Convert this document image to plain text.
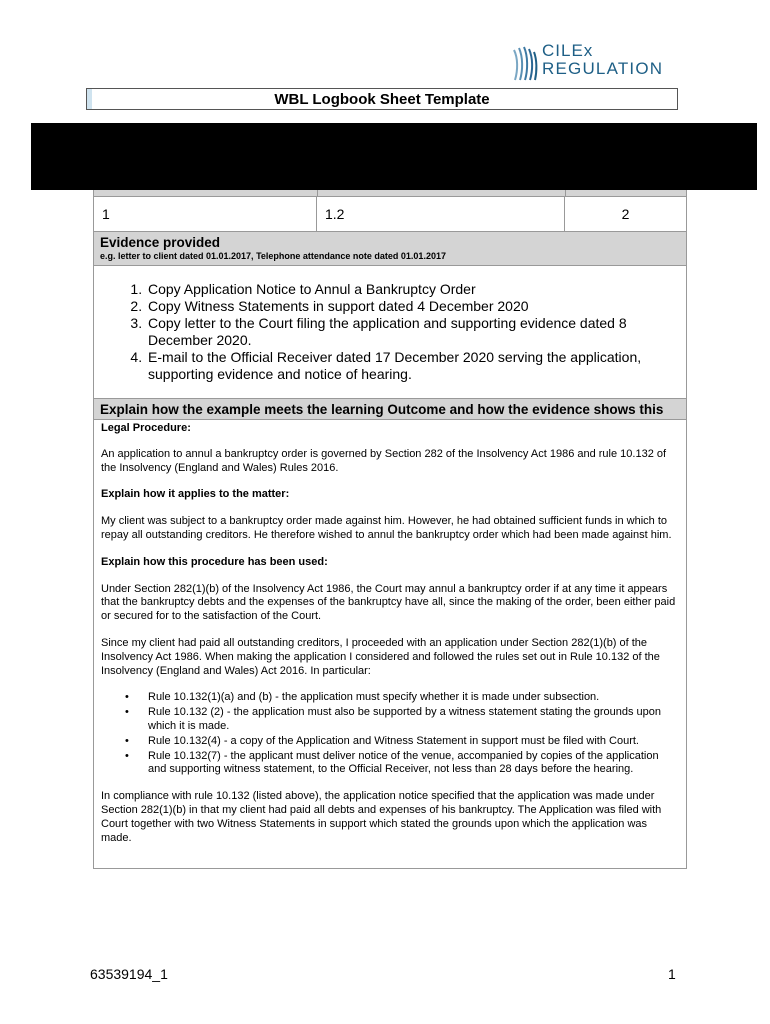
CILEx
REGULATION
WBL Logbook Sheet Template
1	1.2	2
Evidence provided
e.g. letter to client dated 01.01.2017, Telephone attendance note dated 01.01.2017
1. Copy Application Notice to Annul a Bankruptcy Order
2. Copy Witness Statements in support dated 4 December 2020
3. Copy letter to the Court filing the application and supporting evidence dated 8 December 2020.
4. E-mail to the Official Receiver dated 17 December 2020 serving the application, supporting evidence and notice of hearing.
Explain how the example meets the learning Outcome and how the evidence shows this
Legal Procedure:

An application to annul a bankruptcy order is governed by Section 282 of the Insolvency Act 1986 and rule 10.132 of the Insolvency (England and Wales) Rules 2016.

Explain how it applies to the matter:

My client was subject to a bankruptcy order made against him. However, he had obtained sufficient funds in which to repay all outstanding creditors. He therefore wished to annul the bankruptcy order which had been made against him.

Explain how this procedure has been used:

Under Section 282(1)(b) of the Insolvency Act 1986, the Court may annul a bankruptcy order if at any time it appears that the bankruptcy debts and the expenses of the bankruptcy have all, since the making of the order, been either paid or secured for to the satisfaction of the Court.

Since my client had paid all outstanding creditors, I proceeded with an application under Section 282(1)(b) of the Insolvency Act 1986. When making the application I considered and followed the rules set out in Rule 10.132 of the Insolvency (England and Wales) Act 2016. In particular:

• Rule 10.132(1)(a) and (b) - the application must specify whether it is made under subsection.
• Rule 10.132 (2) - the application must also be supported by a witness statement stating the grounds upon which it is made.
• Rule 10.132(4) - a copy of the Application and Witness Statement in support must be filed with Court.
• Rule 10.132(7) - the applicant must deliver notice of the venue, accompanied by copies of the application and supporting witness statement, to the Official Receiver, not less than 28 days before the hearing.

In compliance with rule 10.132 (listed above), the application notice specified that the application was made under Section 282(1)(b) in that my client had paid all debts and expenses of his bankruptcy. The Application was filed with Court together with two Witness Statements in support which stated the grounds upon which the application was made.

63539194_1	1
